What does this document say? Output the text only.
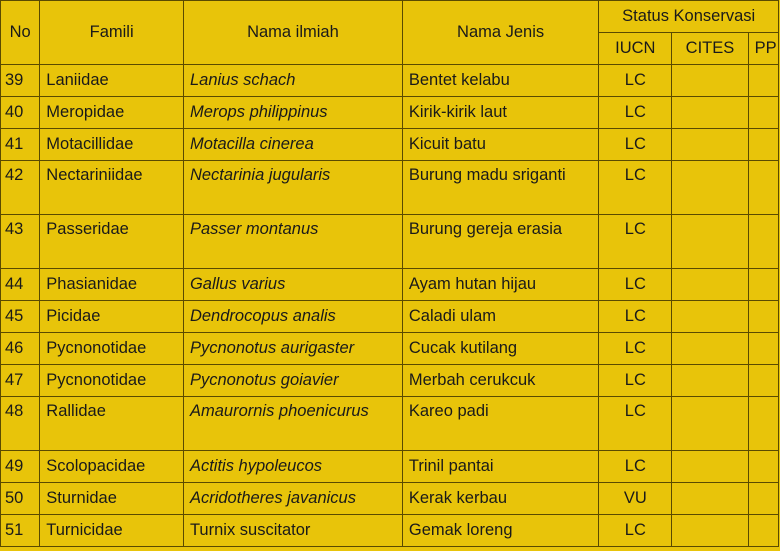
No	Famili	Nama ilmiah	Nama Jenis	Status Konservasi		
				IUCN	CITES	PP
39	Laniidae	Lanius schach	Bentet kelabu	LC		
40	Meropidae	Merops philippinus	Kirik-kirik laut	LC		
41	Motacillidae	Motacilla cinerea	Kicuit batu	LC		
42	Nectariniidae	Nectarinia jugularis	Burung madu sriganti	LC		
43	Passeridae	Passer montanus	Burung gereja erasia	LC		
44	Phasianidae	Gallus varius	Ayam hutan hijau	LC		
45	Picidae	Dendrocopus analis	Caladi ulam	LC		
46	Pycnonotidae	Pycnonotus aurigaster	Cucak kutilang	LC		
47	Pycnonotidae	Pycnonotus goiavier	Merbah cerukcuk	LC		
48	Rallidae	Amaurornis phoenicurus	Kareo padi	LC		
49	Scolopacidae	Actitis hypoleucos	Trinil pantai	LC		
50	Sturnidae	Acridotheres javanicus	Kerak kerbau	VU		
51	Turnicidae	Turnix suscitator	Gemak loreng	LC		
